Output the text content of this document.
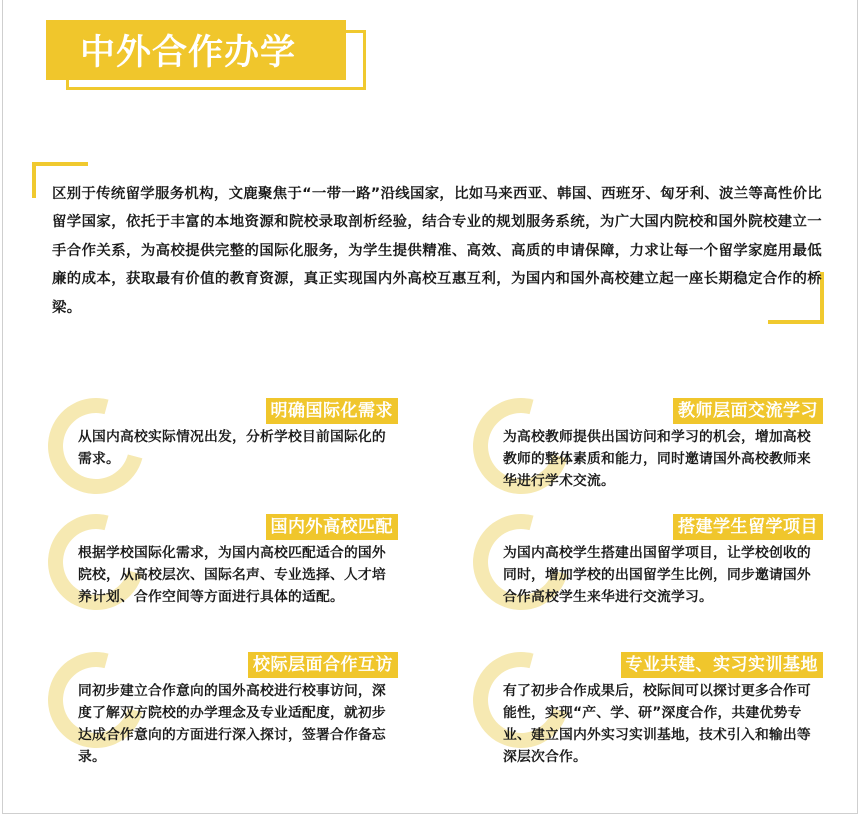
中外合作办学
区别于传统留学服务机构，文鹿聚焦于“一带一路”沿线国家，比如马来西亚、韩国、西班牙、匈牙利、波兰等高性价比留学国家，依托于丰富的本地资源和院校录取剖析经验，结合专业的规划服务系统，为广大国内院校和国外院校建立一手合作关系，为高校提供完整的国际化服务，为学生提供精准、高效、高质的申请保障，力求让每一个留学家庭用最低廉的成本，获取最有价值的教育资源，真正实现国内外高校互惠互利，为国内和国外高校建立起一座长期稳定合作的桥梁。
明确国际化需求
从国内高校实际情况出发，分析学校目前国际化的需求。
教师层面交流学习
为高校教师提供出国访问和学习的机会，增加高校教师的整体素质和能力，同时邀请国外高校教师来华进行学术交流。
国内外高校匹配
根据学校国际化需求，为国内高校匹配适合的国外院校，从高校层次、国际名声、专业选择、人才培养计划、合作空间等方面进行具体的适配。
搭建学生留学项目
为国内高校学生搭建出国留学项目，让学校创收的同时，增加学校的出国留学生比例，同步邀请国外合作高校学生来华进行交流学习。
校际层面合作互访
同初步建立合作意向的国外高校进行校事访问，深度了解双方院校的办学理念及专业适配度，就初步达成合作意向的方面进行深入探讨，签署合作备忘录。
专业共建、实习实训基地
有了初步合作成果后，校际间可以探讨更多合作可能性，实现“产、学、研”深度合作，共建优势专业、建立国内外实习实训基地，技术引入和输出等深层次合作。
